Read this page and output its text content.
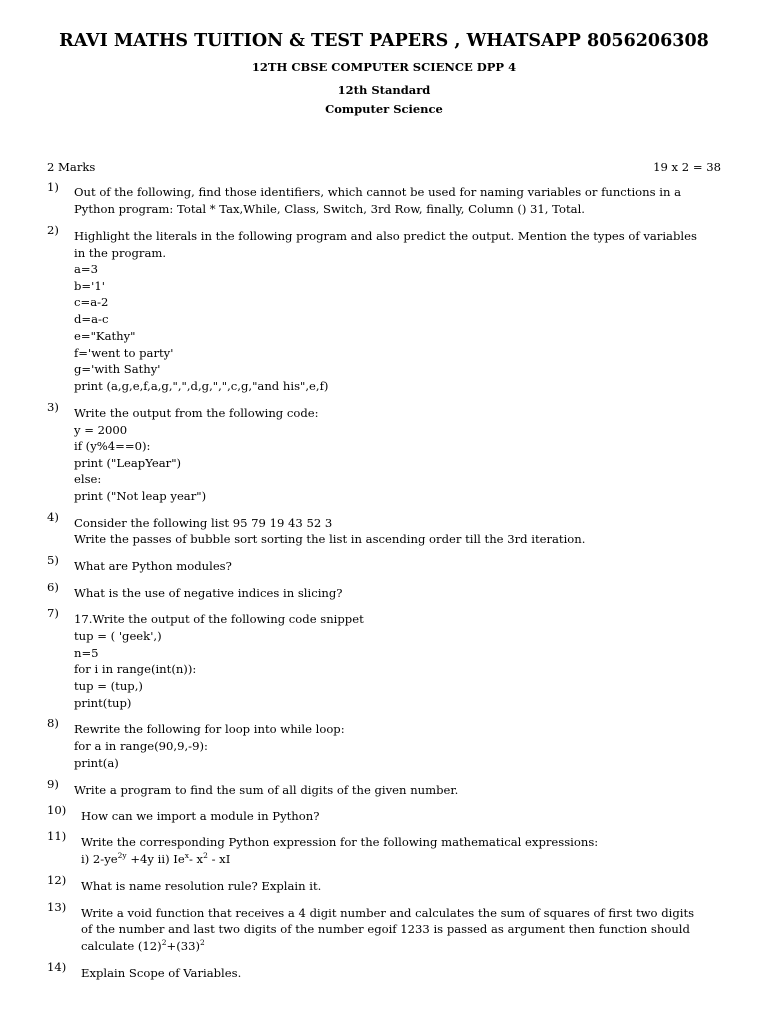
RAVI MATHS TUITION & TEST PAPERS , WHATSAPP 8056206308
12TH CBSE COMPUTER SCIENCE DPP 4
12th Standard
Computer Science
2 Marks	19 x 2 = 38
1) Out of the following, find those identifiers, which cannot be used for naming variables or functions in a
Python program: Total * Tax,While, Class, Switch, 3rd Row, finally, Column () 31, Total.
2) Highlight the literals in the following program and also predict the output. Mention the types of variables
in the program.
a=3
b='1'
c=a-2
d=a-c
e="Kathy"
f='went to party'
g='with Sathy'
print (a,g,e,f,a,g,",",d,g,",",c,g,"and his",e,f)
3) Write the output from the following code:
y = 2000
if (y%4==0):
print ("LeapYear")
else:
print ("Not leap year")
4) Consider the following list 95 79 19 43 52 3
Write the passes of bubble sort sorting the list in ascending order till the 3rd iteration.
5) What are Python modules?
6) What is the use of negative indices in slicing?
7) 17.Write the output of the following code snippet
tup = ( 'geek',)
n=5
for i in range(int(n)):
tup = (tup,)
print(tup)
8) Rewrite the following for loop into while loop:
for a in range(90,9,-9):
print(a)
9) Write a program to find the sum of all digits of the given number.
10) How can we import a module in Python?
11) Write the corresponding Python expression for the following mathematical expressions:
i) $2-ye^{2y} +4y$ ii) Ie$^x$- $x^2$ - xI
12) What is name resolution rule? Explain it.
13) Write a void function that receives a 4 digit number and calculates the sum of squares of first two digits
of the number and last two digits of the number egoif 1233 is passed as argument then function should
calculate $(12)^2+(33)^2$
14) Explain Scope of Variables.
